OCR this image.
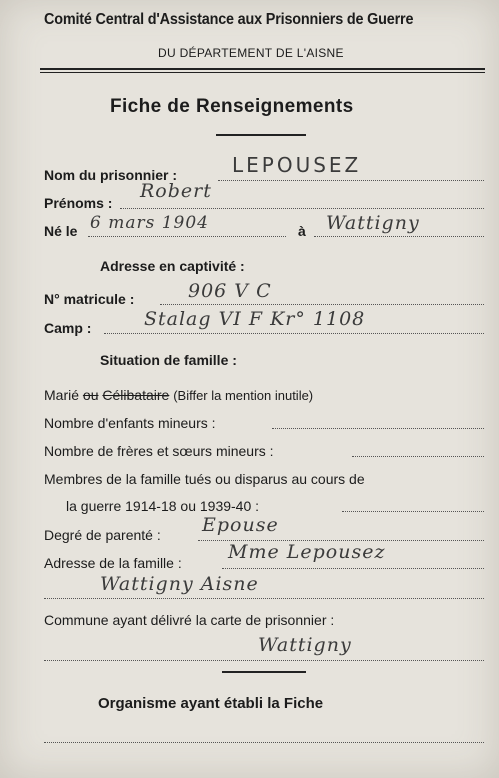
Comité Central d'Assistance aux Prisonniers de Guerre
DU DÉPARTEMENT DE L'AISNE
Fiche de Renseignements
Nom du prisonnier :	LEPOUSEZ
Prénoms :
Robert
Né le 6 mars 1904	à Wattigny
Adresse en captivité :
N° matricule :	906 V C
Camp :	Stalag VI F Kr° 1108
Situation de famille :
Marié ou Célibataire (Biffer la mention inutile)
Nombre d'enfants mineurs :
Nombre de frères et sœurs mineurs :
Membres de la famille tués ou disparus au cours de
la guerre 1914-18 ou 1939-40 :
Degré de parenté : Epouse
Adresse de la famille : Mme Lepousez
Wattigny Aisne
Commune ayant délivré la carte de prisonnier :
Wattigny
Organisme ayant établi la Fiche
